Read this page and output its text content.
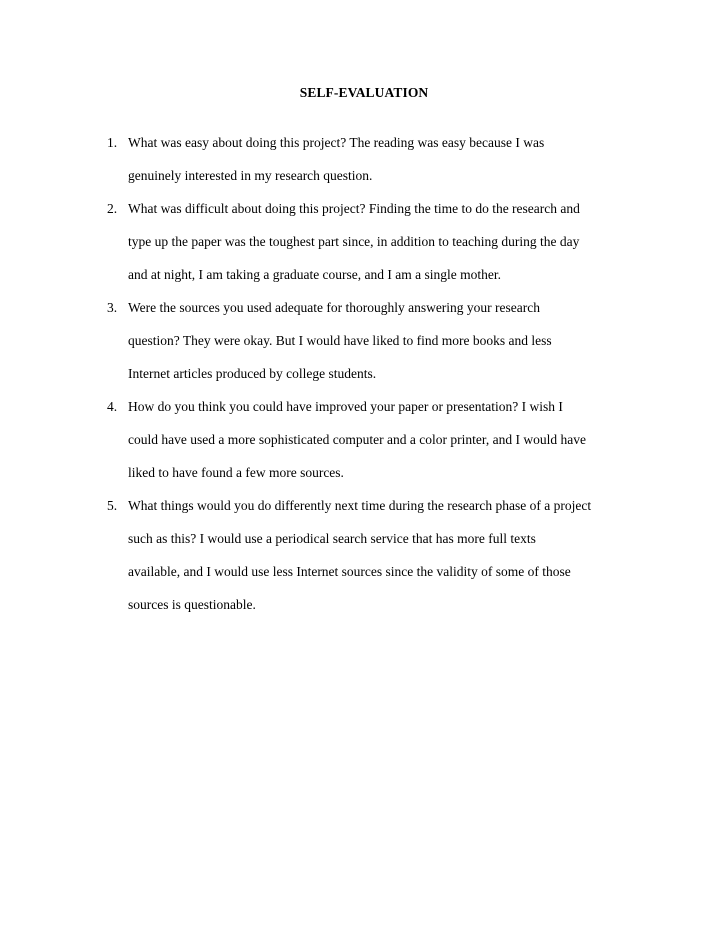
SELF-EVALUATION
1. What was easy about doing this project? The reading was easy because I was
genuinely interested in my research question.
2. What was difficult about doing this project? Finding the time to do the research and
type up the paper was the toughest part since, in addition to teaching during the day
and at night, I am taking a graduate course, and I am a single mother.
3. Were the sources you used adequate for thoroughly answering your research
question? They were okay. But I would have liked to find more books and less
Internet articles produced by college students.
4. How do you think you could have improved your paper or presentation? I wish I
could have used a more sophisticated computer and a color printer, and I would have
liked to have found a few more sources.
5. What things would you do differently next time during the research phase of a project
such as this? I would use a periodical search service that has more full texts
available, and I would use less Internet sources since the validity of some of those
sources is questionable.
